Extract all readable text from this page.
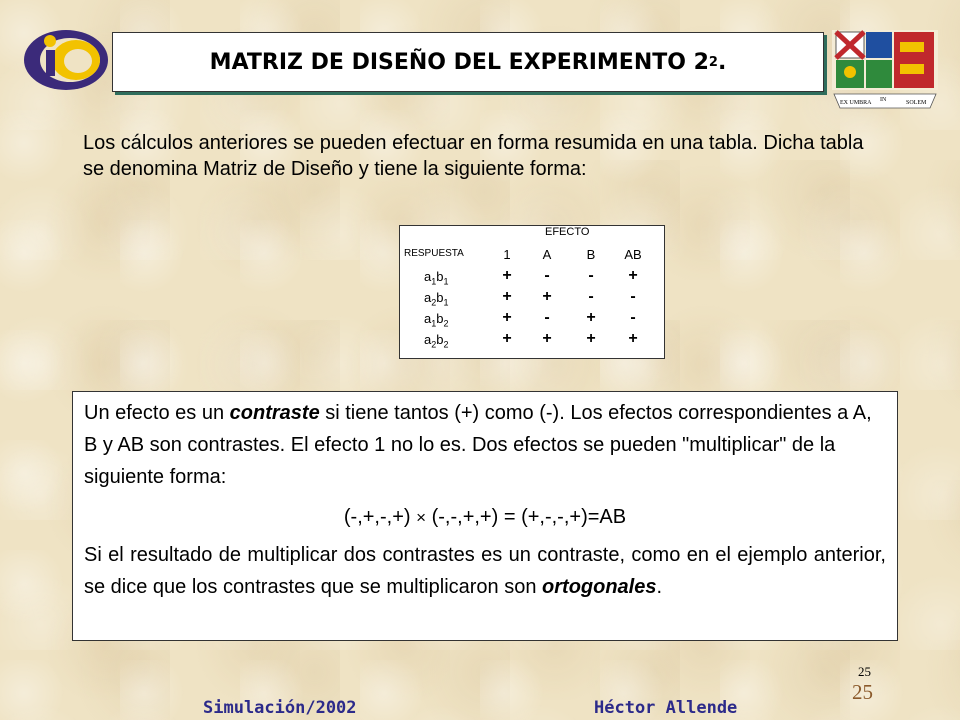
MATRIZ DE DISEÑO DEL EXPERIMENTO 2 2 .
EX UMBRA IN	SOLEM
Los cálculos anteriores se pueden efectuar en forma resumida en una tabla. Dicha tabla se denomina Matriz de Diseño y tiene la siguiente forma:
EFECTO
RESPUESTA	1	A	B	AB
$a_1b_1$	+	-	-	+
$a_2b_1$	+	+	-	-
$a_1b_2$	+	-	+	-
$a_2b_2$	+	+	+	+

Un efecto es un contraste si tiene tantos (+) como (-). Los efectos correspondientes a A, B y AB son contrastes. El efecto 1 no lo es. Dos efectos se pueden "multiplicar" de la siguiente forma:

(-,+,-,+) × (-,-,+,+) = (+,-,-,+)=AB

Si el resultado de multiplicar dos contrastes es un contraste, como en el ejemplo anterior, se dice que los contrastes que se multiplicaron son ortogonales.

25
25
Simulación/2002	Héctor Allende
